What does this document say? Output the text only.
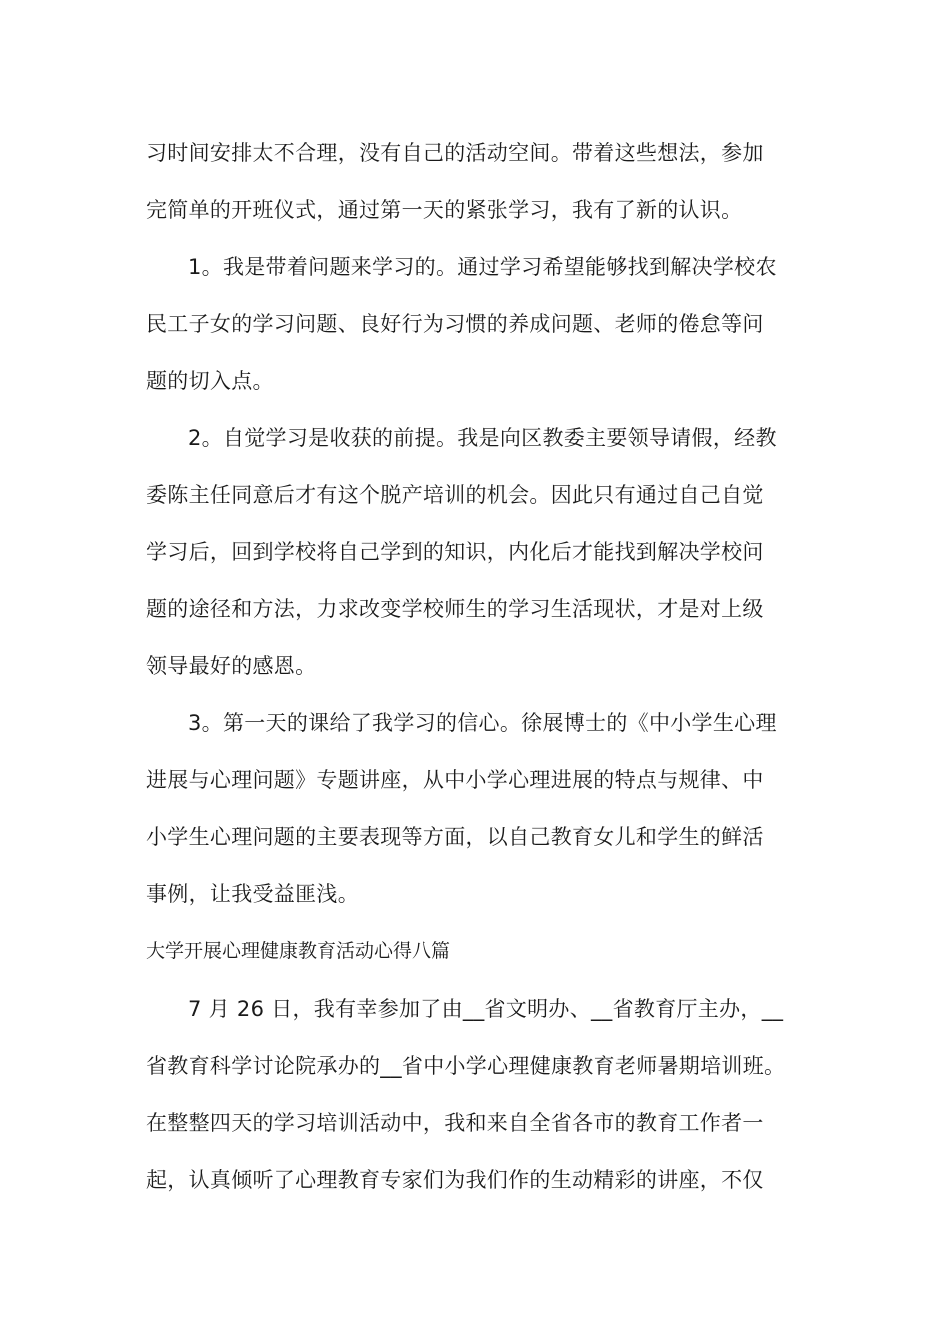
习时间安排太不合理，没有自己的活动空间。带着这些想法，参加
完简单的开班仪式，通过第一天的紧张学习，我有了新的认识。
1。我是带着问题来学习的。通过学习希望能够找到解决学校农
民工子女的学习问题、良好行为习惯的养成问题、老师的倦怠等问
题的切入点。
2。自觉学习是收获的前提。我是向区教委主要领导请假，经教
委陈主任同意后才有这个脱产培训的机会。因此只有通过自己自觉
学习后，回到学校将自己学到的知识，内化后才能找到解决学校问
题的途径和方法，力求改变学校师生的学习生活现状，才是对上级
领导最好的感恩。
3。第一天的课给了我学习的信心。徐展博士的《中小学生心理
进展与心理问题》专题讲座，从中小学心理进展的特点与规律、中
小学生心理问题的主要表现等方面，以自己教育女儿和学生的鲜活
事例，让我受益匪浅。
大学开展心理健康教育活动心得八篇
7 月 26 日，我有幸参加了由__省文明办、__省教育厅主办，__
省教育科学讨论院承办的__省中小学心理健康教育老师暑期培训班。
在整整四天的学习培训活动中，我和来自全省各市的教育工作者一
起，认真倾听了心理教育专家们为我们作的生动精彩的讲座，不仅
